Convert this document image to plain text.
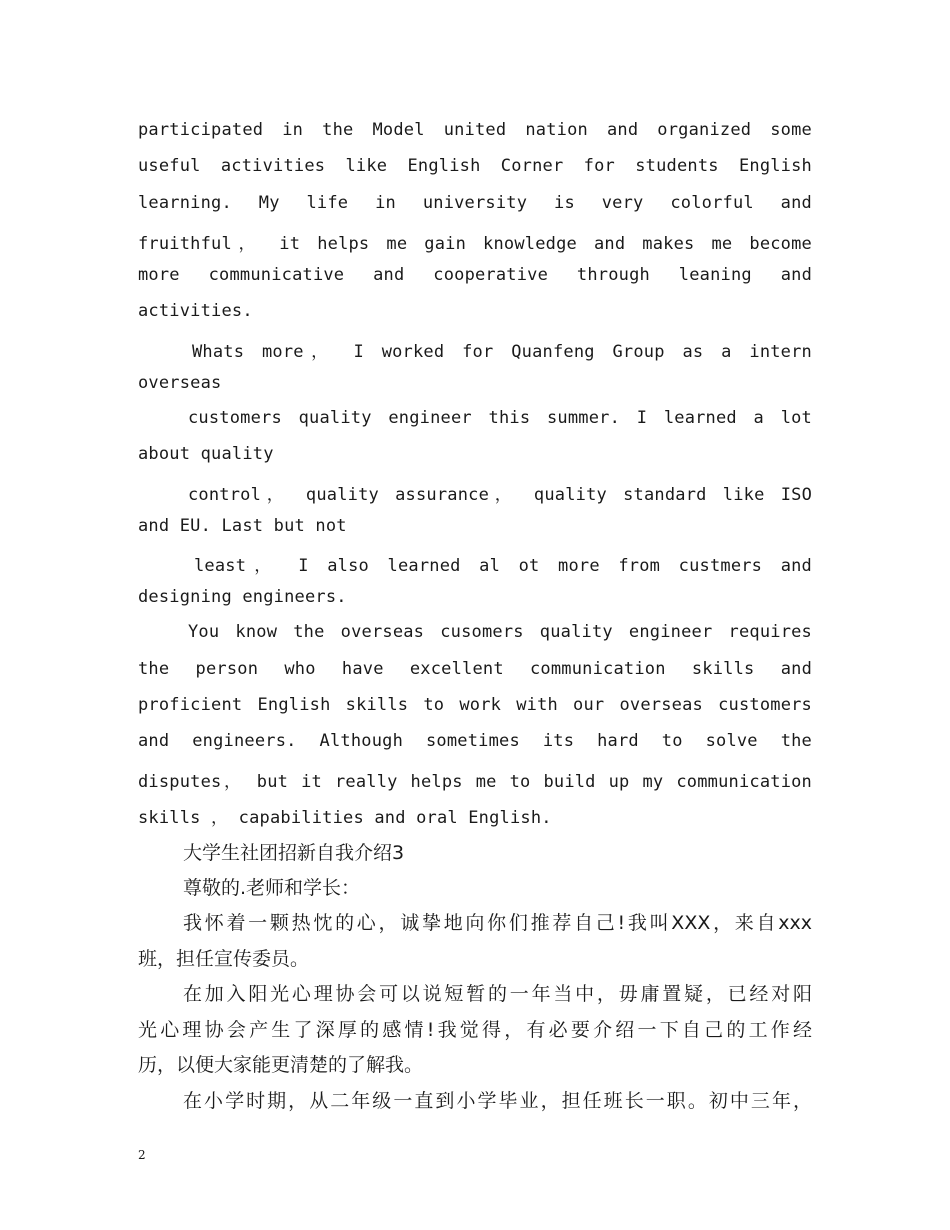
participated in the Model united nation and organized some
useful activities like English Corner for students English
learning. My life in university is very colorful and
fruithful， it helps me gain knowledge and makes me become
more communicative and cooperative through leaning and
activities.
Whats more， I worked for Quanfeng Group as a intern
overseas
customers quality engineer this summer. I learned a lot
about quality
control， quality assurance， quality standard like ISO
and EU. Last but not
least， I also learned al ot more from custmers and
designing engineers.
You know the overseas cusomers quality engineer requires
the person who have excellent communication skills and
proficient English skills to work with our overseas customers
and engineers. Although sometimes its hard to solve the
disputes， but it really helps me to build up my communication
skills ， capabilities and oral English.
大学生社团招新自我介绍3
尊敬的.老师和学长：
我怀着一颗热忱的心，诚挚地向你们推荐自己!我叫XXX，来自xxx
班，担任宣传委员。
在加入阳光心理协会可以说短暂的一年当中，毋庸置疑，已经对阳
光心理协会产生了深厚的感情!我觉得，有必要介绍一下自己的工作经
历，以便大家能更清楚的了解我。
在小学时期，从二年级一直到小学毕业，担任班长一职。初中三年，
2
